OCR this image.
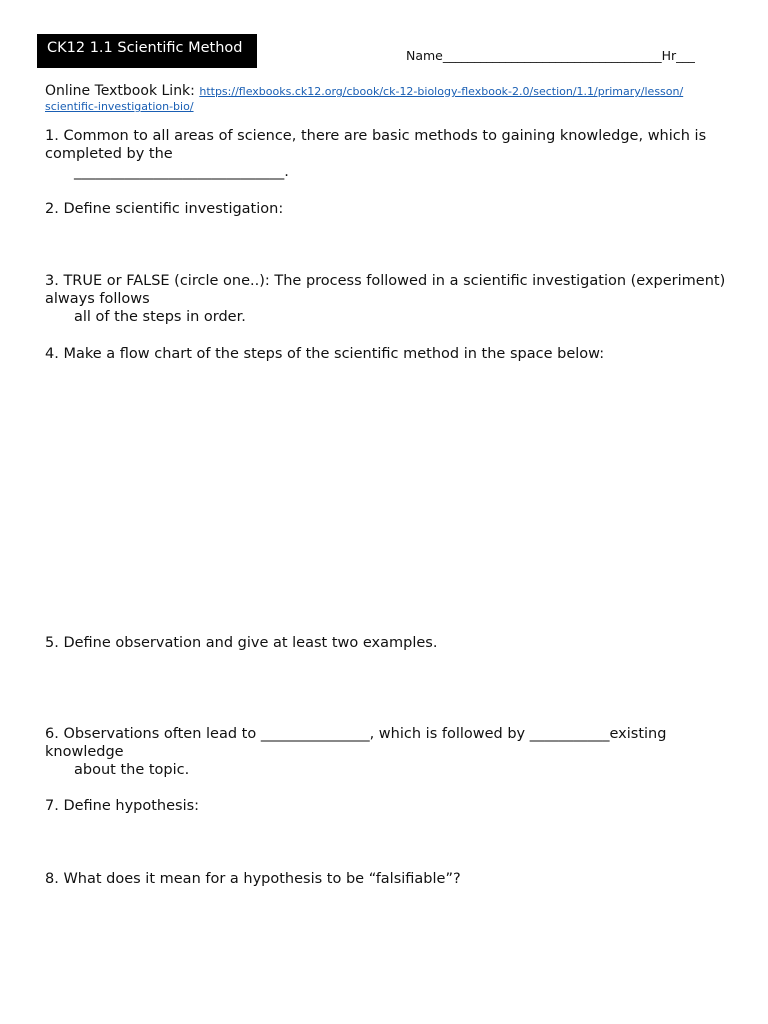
CK12 1.1 Scientific Method	Name___________________________________Hr___
Online Textbook Link: https://flexbooks.ck12.org/cbook/ck-12-biology-flexbook-2.0/section/1.1/primary/lesson/
scientific-investigation-bio/
1. Common to all areas of science, there are basic methods to gaining knowledge, which is completed by the
_____________________________.
2. Define scientific investigation:
3. TRUE or FALSE (circle one..): The process followed in a scientific investigation (experiment) always follows
all of the steps in order.
4. Make a flow chart of the steps of the scientific method in the space below:
5. Define observation and give at least two examples.
6. Observations often lead to _______________, which is followed by ___________existing knowledge
about the topic.
7. Define hypothesis:
8. What does it mean for a hypothesis to be “falsifiable”?
